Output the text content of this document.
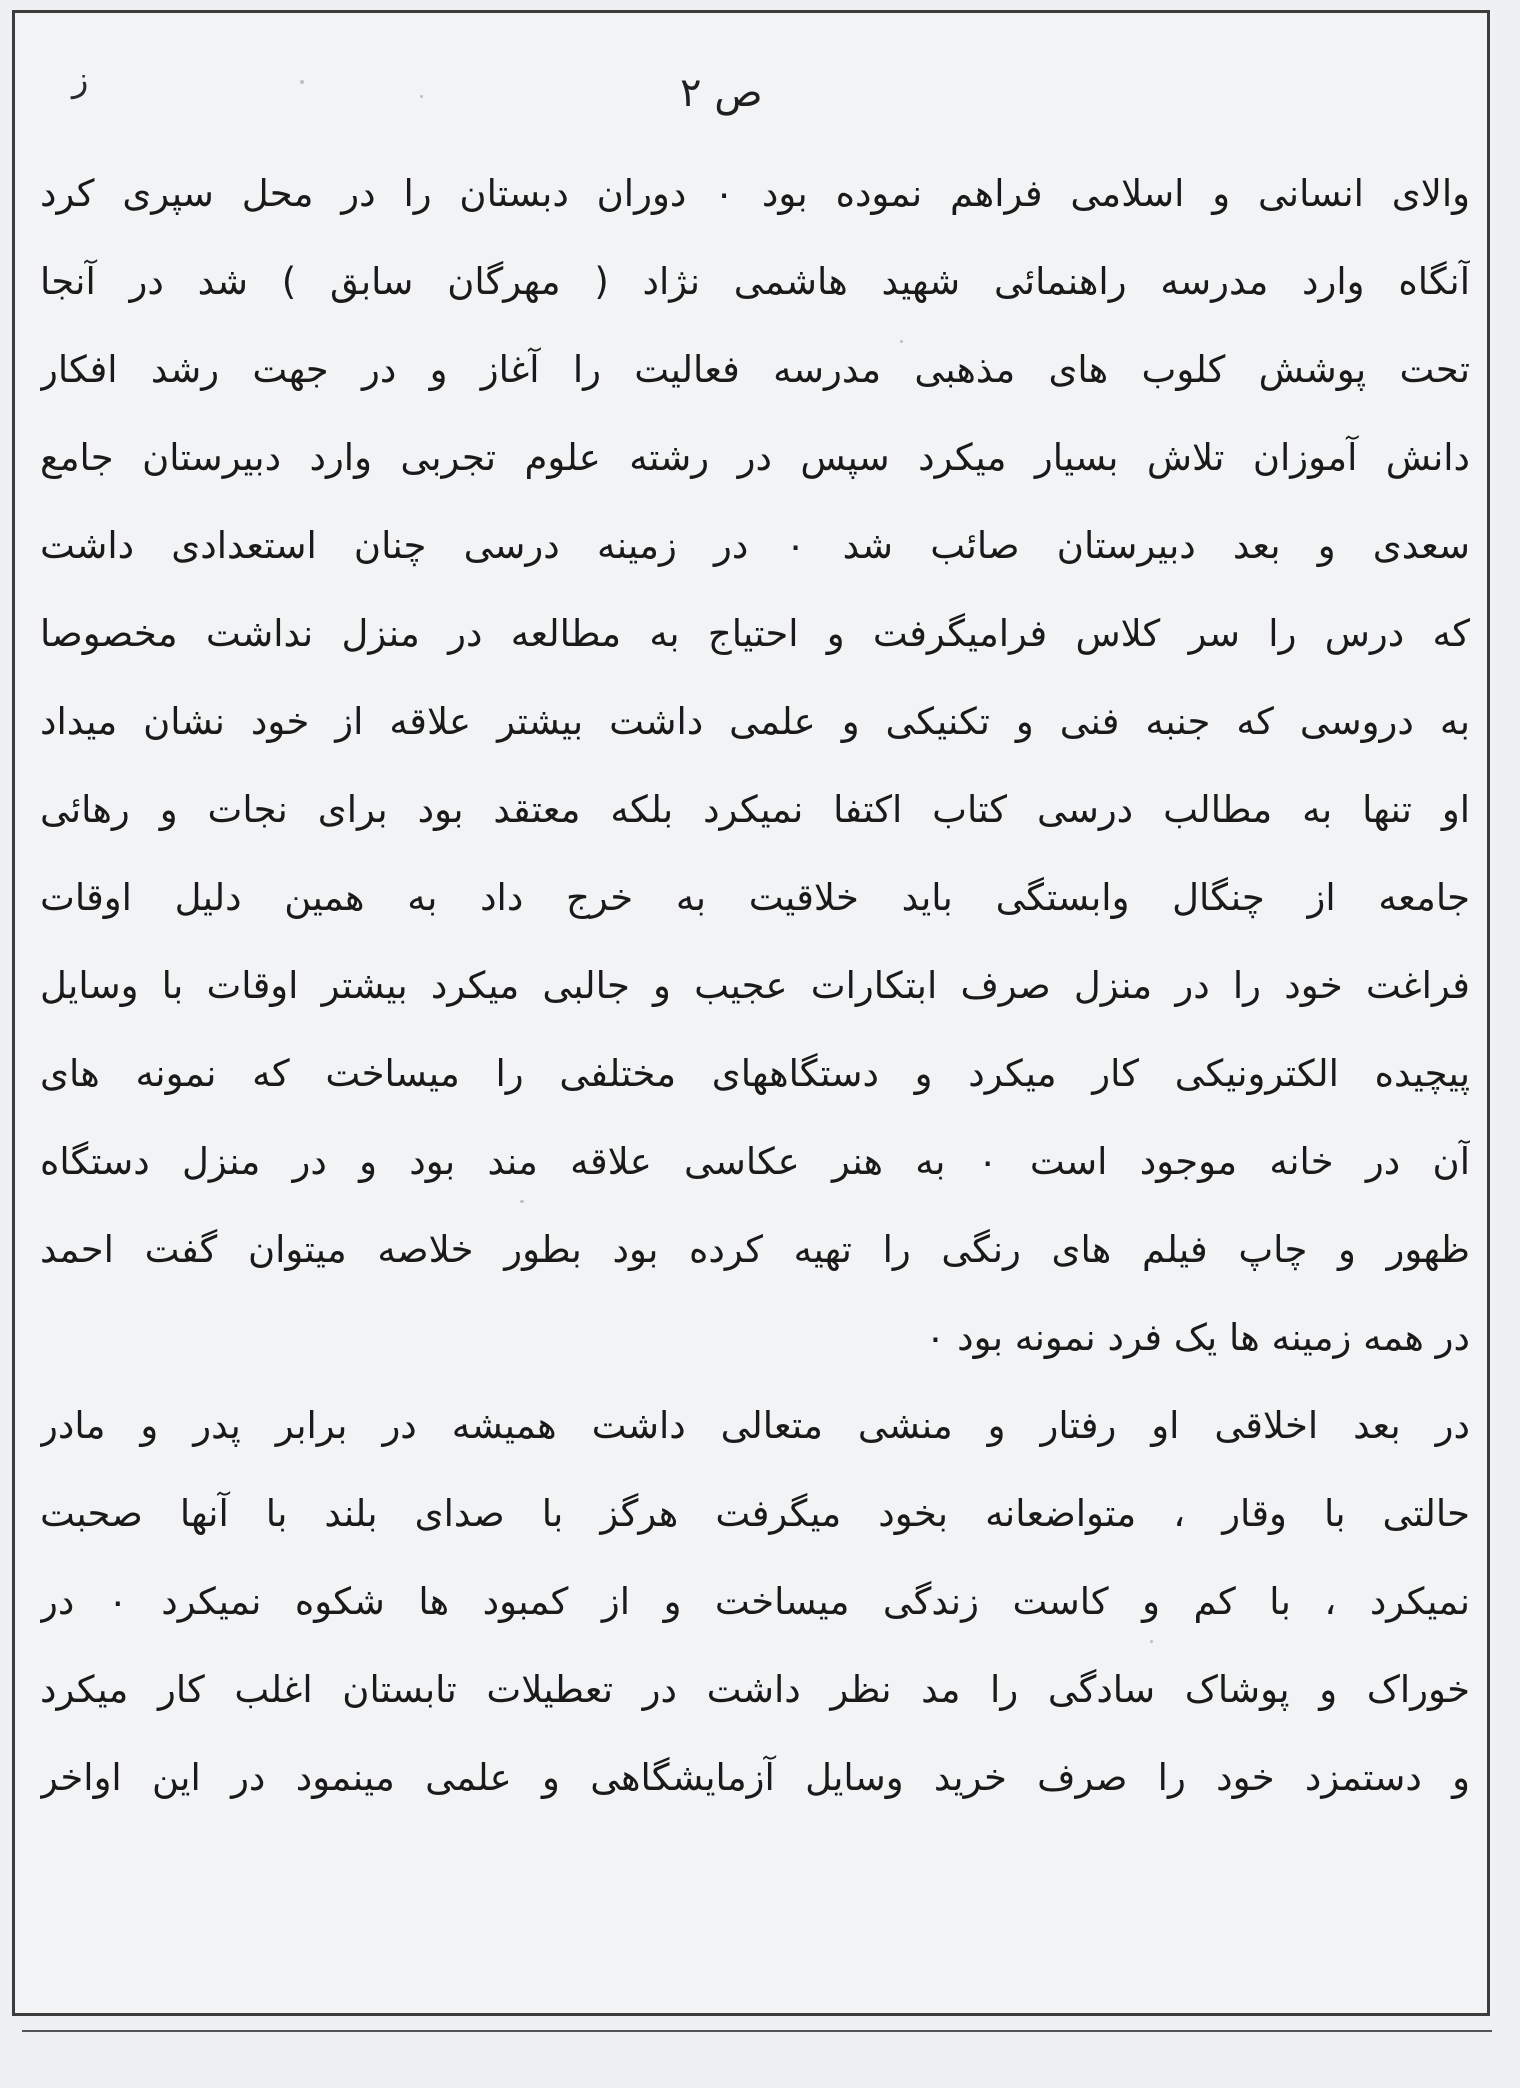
ز	ص ۲
والای انسانی و اسلامی فراهم نموده بود ۰ دوران دبستان را در محل سپری کرد
آنگاه وارد مدرسه راهنمائی شهید هاشمی نژاد ( مهرگان سابق ) شد در آنجا
تحت پوشش کلوب های مذهبی مدرسه فعالیت را آغاز و در جهت رشد افکار
دانش آموزان تلاش بسیار میکرد سپس در رشته علوم تجربی وارد دبیرستان جامع
سعدی و بعد دبیرستان صائب شد ۰ در زمینه درسی چنان استعدادی داشت
که درس را سر کلاس فرامیگرفت و احتیاج به مطالعه در منزل نداشت مخصوصا
به دروسی که جنبه فنی و تکنیکی و علمی داشت بیشتر علاقه از خود نشان میداد
او تنها به مطالب درسی کتاب اکتفا نمیکرد بلکه معتقد بود برای نجات و رهائی
جامعه از چنگال وابستگی باید خلاقیت به خرج داد به همین دلیل اوقات
فراغت خود را در منزل صرف ابتکارات عجیب و جالبی میکرد بیشتر اوقات با وسایل
پیچیده الکترونیکی کار میکرد و دستگاههای مختلفی را میساخت که نمونه های
آن در خانه موجود است ۰ به هنر عکاسی علاقه مند بود و در منزل دستگاه
ظهور و چاپ فیلم های رنگی را تهیه کرده بود بطور خلاصه میتوان گفت احمد
در همه زمینه ها یک فرد نمونه بود ۰
در بعد اخلاقی او رفتار و منشی متعالی داشت همیشه در برابر پدر و مادر
حالتی با وقار ، متواضعانه بخود میگرفت هرگز با صدای بلند با آنها صحبت
نمیکرد ، با کم و کاست زندگی میساخت و از کمبود ها شکوه نمیکرد ۰ در
خوراک و پوشاک سادگی را مد نظر داشت در تعطیلات تابستان اغلب کار میکرد
و دستمزد خود را صرف خرید وسایل آزمایشگاهی و علمی مینمود در این اواخر
